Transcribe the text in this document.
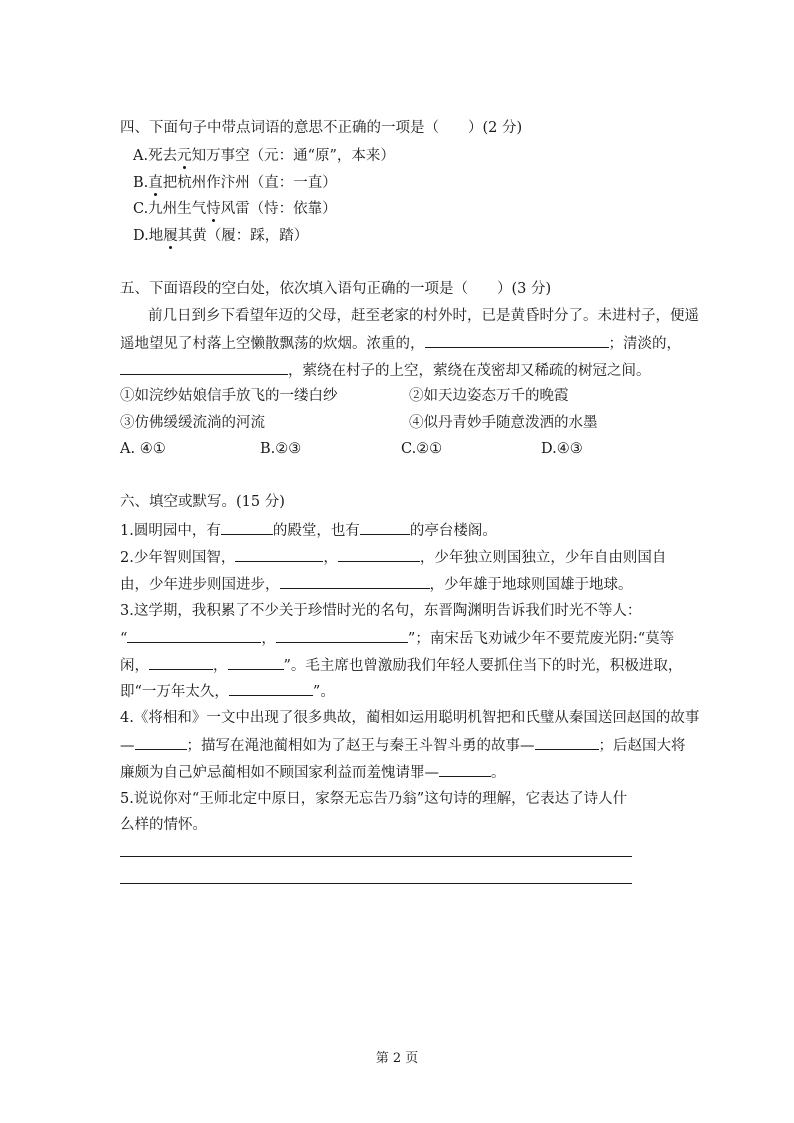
四、下面句子中带点词语的意思不正确的一项是（　　）(2 分)
A.死去元知万事空（元：通“原”，本来）
B.直把杭州作汴州（直：一直）
C.九州生气恃风雷（恃：依靠）
D.地履其黄（履：踩，踏）
五、下面语段的空白处，依次填入语句正确的一项是（　　）(3 分)
前几日到乡下看望年迈的父母，赶至老家的村外时，已是黄昏时分了。未进村子，便遥
遥地望见了村落上空懒散飘荡的炊烟。浓重的，	；清淡的，
，萦绕在村子的上空，萦绕在茂密却又稀疏的树冠之间。
①如浣纱姑娘信手放飞的一缕白纱	②如天边姿态万千的晚霞
③仿佛缓缓流淌的河流	④似丹青妙手随意泼洒的水墨
A. ④①	B.②③	C.②①	D.④③
六、填空或默写。(15 分)
1.圆明园中，有	的殿堂，也有	的亭台楼阁。
2.少年智则国智，	，	，少年独立则国独立，少年自由则国自
由，少年进步则国进步，	，少年雄于地球则国雄于地球。
3.这学期，我积累了不少关于珍惜时光的名句，东晋陶渊明告诉我们时光不等人：
“	，	”；南宋岳飞劝诫少年不要荒废光阴:“莫等
闲，	，	”。毛主席也曾激励我们年轻人要抓住当下的时光，积极进取，
即“一万年太久，	”。
4.《将相和》一文中出现了很多典故，蔺相如运用聪明机智把和氏璧从秦国送回赵国的故事
—	；描写在渑池蔺相如为了赵王与秦王斗智斗勇的故事—	；后赵国大将
廉颇为自己妒忌蔺相如不顾国家利益而羞愧请罪—	。
5.说说你对“王师北定中原日，家祭无忘告乃翁”这句诗的理解，它表达了诗人什
么样的情怀。
第 2 页
